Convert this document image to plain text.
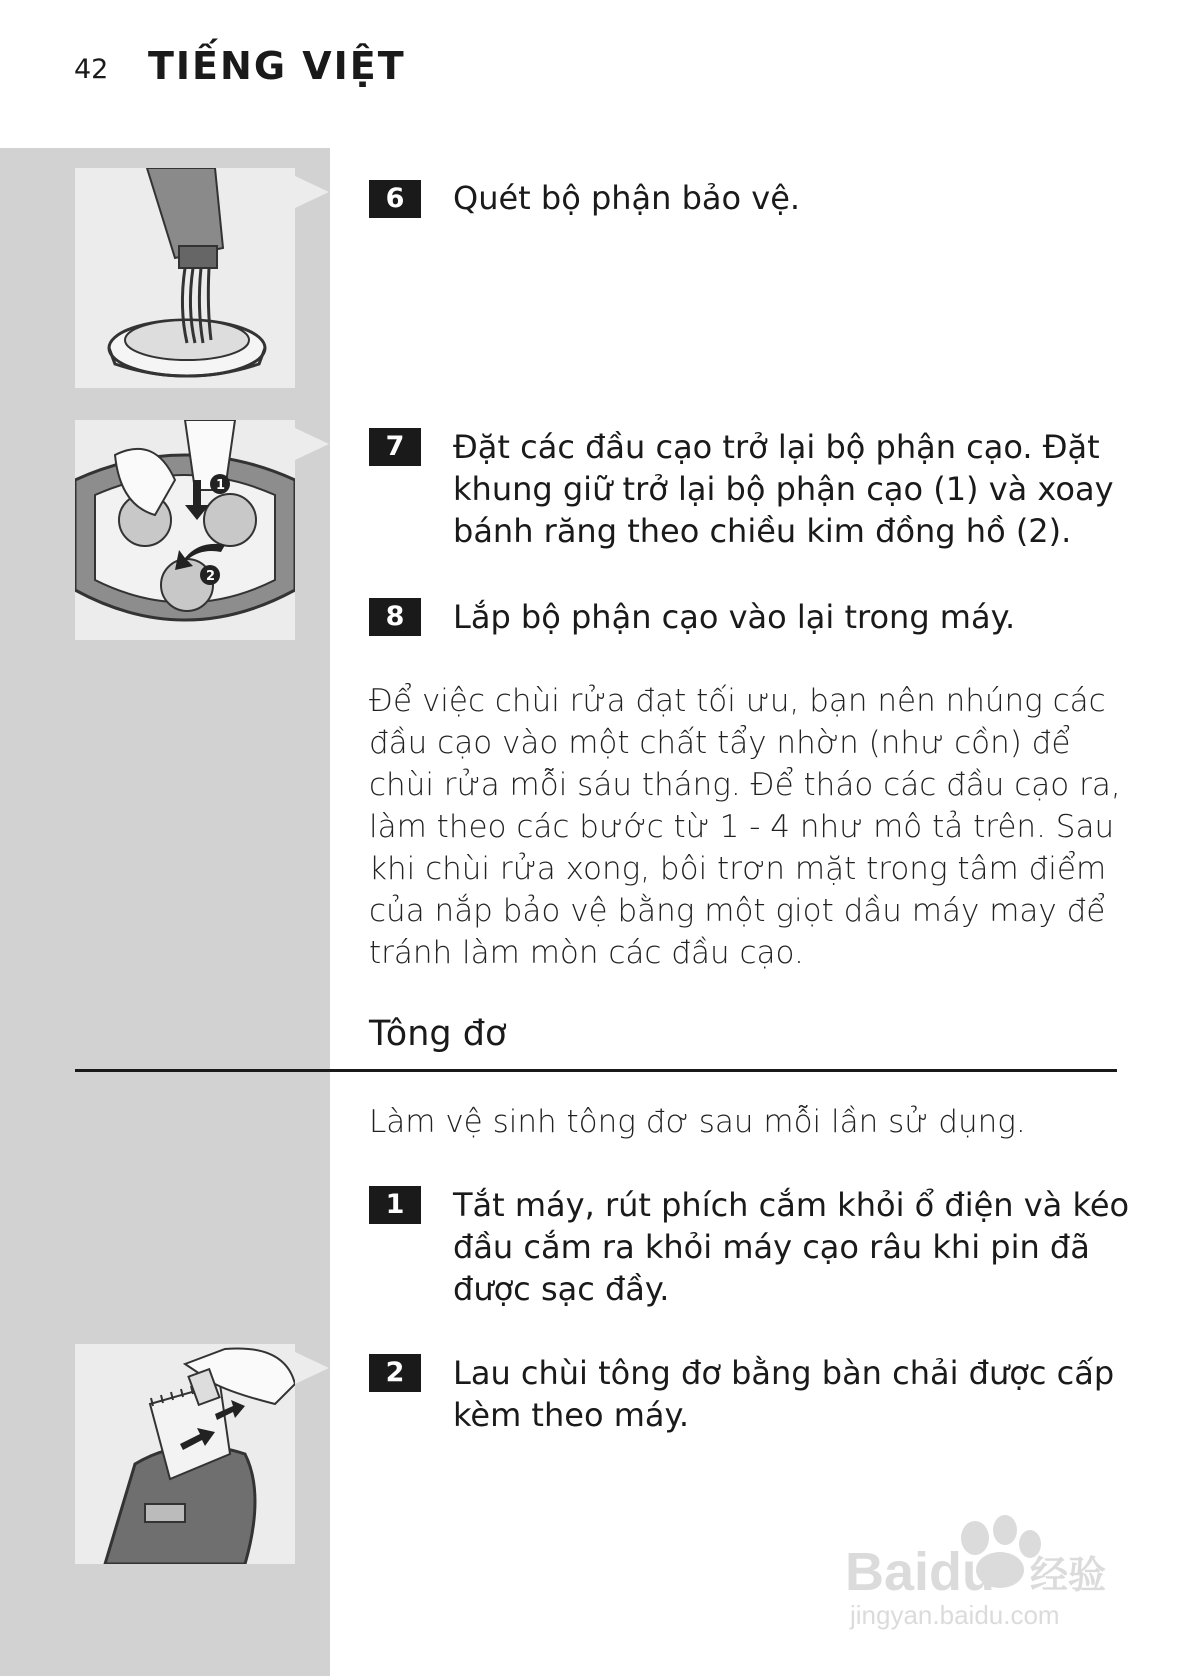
42 TIẾNG VIỆT
1
2
6	Quét bộ phận bảo vệ.
7	Đặt các đầu cạo trở lại bộ phận cạo. Đặt khung giữ trở lại bộ phận cạo (1) và xoay bánh răng theo chiều kim đồng hồ (2).
8	Lắp bộ phận cạo vào lại trong máy.
Để việc chùi rửa đạt tối ưu, bạn nên nhúng các đầu cạo vào một chất tẩy nhờn (như cồn) để chùi rửa mỗi sáu tháng. Để tháo các đầu cạo ra, làm theo các bước từ 1 - 4 như mô tả trên. Sau khi chùi rửa xong, bôi trơn mặt trong tâm điểm của nắp bảo vệ bằng một giọt dầu máy may để tránh làm mòn các đầu cạo.
Tông đơ
Làm vệ sinh tông đơ sau mỗi lần sử dụng.
1	Tắt máy, rút phích cắm khỏi ổ điện và kéo đầu cắm ra khỏi máy cạo râu khi pin đã được sạc đầy.
2	Lau chùi tông đơ bằng bàn chải được cấp kèm theo máy.
Baidu 经验
jingyan.baidu.com
